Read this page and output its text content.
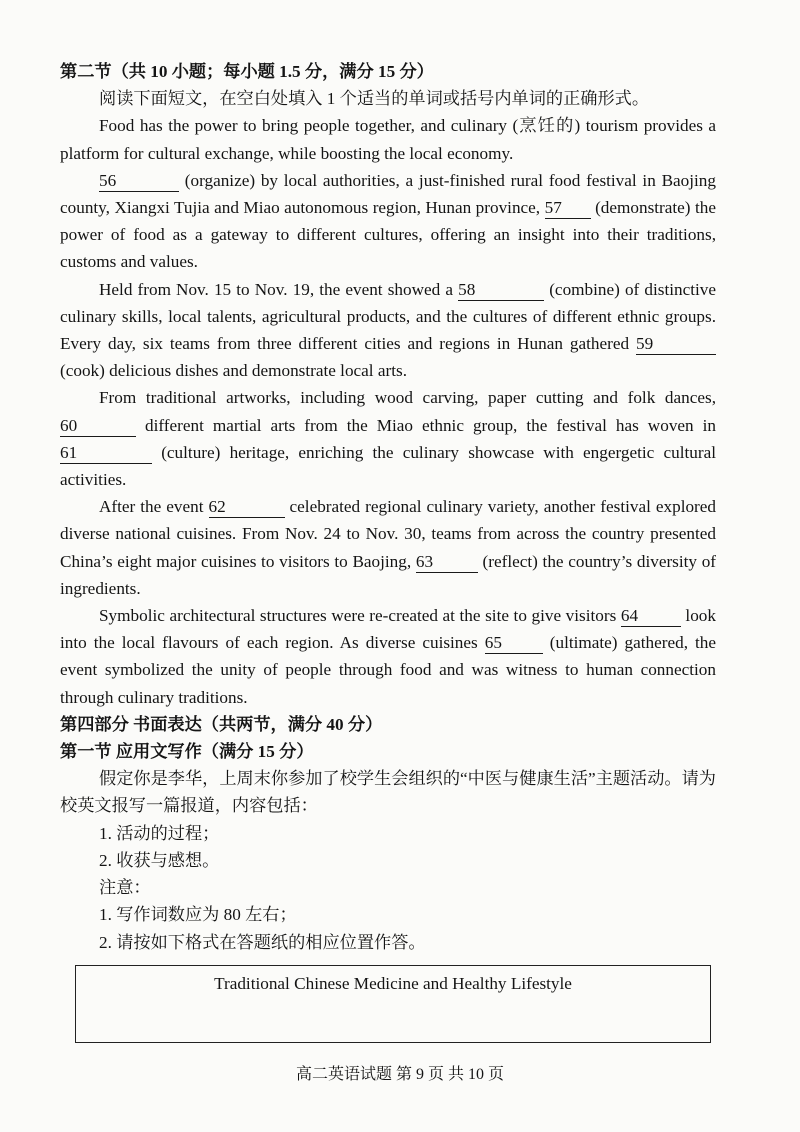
第二节（共 10 小题；每小题 1.5 分，满分 15 分）

阅读下面短文，在空白处填入 1 个适当的单词或括号内单词的正确形式。

Food has the power to bring people together, and culinary (烹饪的) tourism provides a platform for cultural exchange, while boosting the local economy.

56	(organize) by local authorities, a just-finished rural food festival in Baojing county, Xiangxi Tujia and Miao autonomous region, Hunan province, 57 (demonstrate) the power of food as a gateway to different cultures, offering an insight into their traditions, customs and values.

Held from Nov. 15 to Nov. 19, the event showed a 58	(combine) of distinctive culinary skills, local talents, agricultural products, and the cultures of different ethnic groups. Every day, six teams from three different cities and regions in Hunan gathered 59 (cook) delicious dishes and demonstrate local arts.

From traditional artworks, including wood carving, paper cutting and folk dances, 60	different martial arts from the Miao ethnic group, the festival has woven in 61	(culture) heritage, enriching the culinary showcase with engergetic cultural activities.

After the event 62	celebrated regional culinary variety, another festival explored diverse national cuisines. From Nov. 24 to Nov. 30, teams from across the country presented China’s eight major cuisines to visitors to Baojing, 63	(reflect) the country’s diversity of ingredients.

Symbolic architectural structures were re-created at the site to give visitors 64 look into the local flavours of each region. As diverse cuisines 65 (ultimate) gathered, the event symbolized the unity of people through food and was witness to human connection through culinary traditions.

第四部分 书面表达（共两节，满分 40 分）

第一节 应用文写作（满分 15 分）

假定你是李华，上周末你参加了校学生会组织的“中医与健康生活”主题活动。请为校英文报写一篇报道，内容包括：

1. 活动的过程；

2. 收获与感想。

注意：

1. 写作词数应为 80 左右；

2. 请按如下格式在答题纸的相应位置作答。

Traditional Chinese Medicine and Healthy Lifestyle
高二英语试题 第 9 页 共 10 页
